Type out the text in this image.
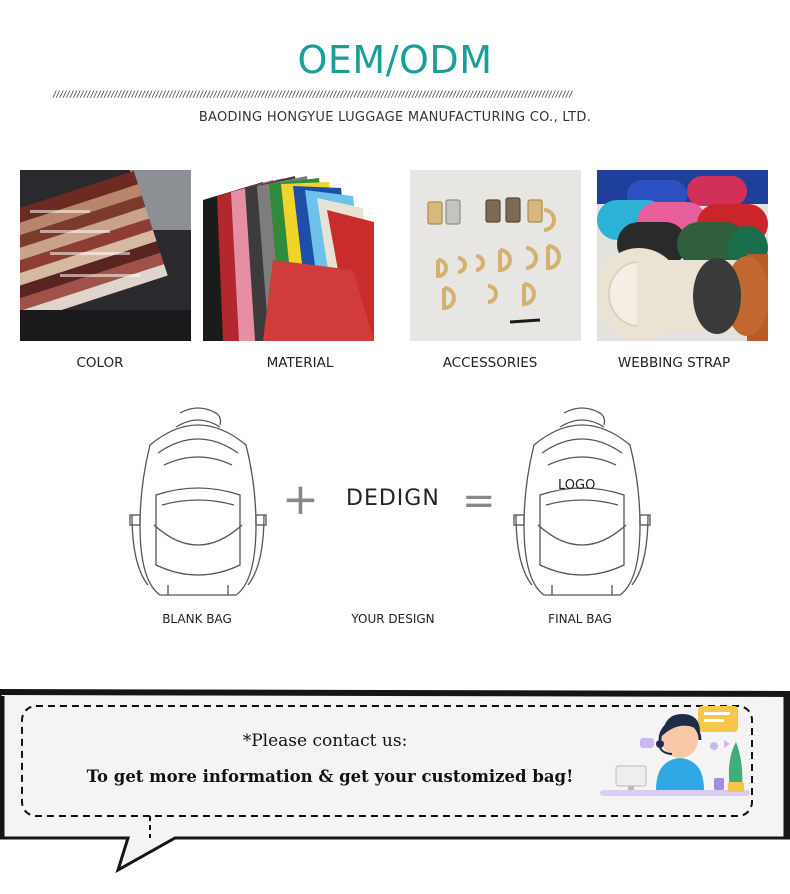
OEM/ODM
////////////////////////////////////////////////////////////////////////////////////////////////////////////////////////////////////////////////////////
BAODING HONGYUE LUGGAGE MANUFACTURING CO., LTD.
COLOR	MATERIAL	ACCESSORIES	WEBBING STRAP
+ DEDIGN =	LOGO
BLANK BAG	YOUR DESIGN	FINAL BAG
*Please contact us:
To get more information & get your customized bag!
